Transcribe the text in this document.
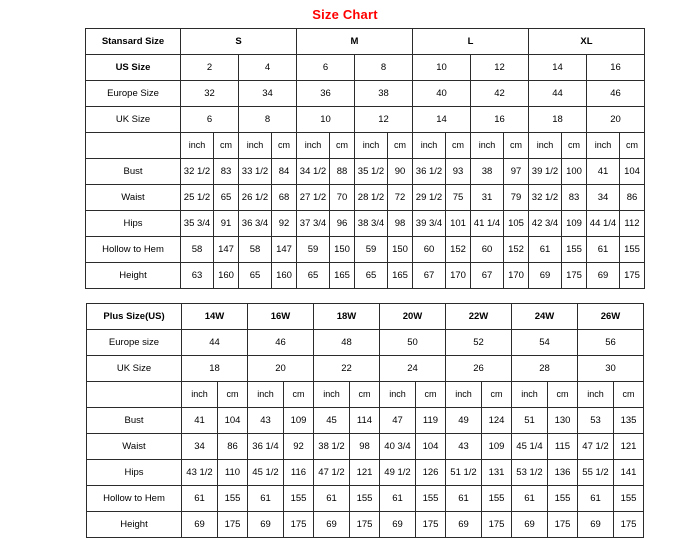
Size Chart
Stansard Size	S				M				L				XL			
US Size	2		4		6		8		10		12		14		16	
Europe Size	32		34		36		38		40		42		44		46	
UK Size	6		8		10		12		14		16		18		20	
	inch	cm	inch	cm	inch	cm	inch	cm	inch	cm	inch	cm	inch	cm	inch	cm
Bust	32 1/2	83	33 1/2	84	34 1/2	88	35 1/2	90	36 1/2	93	38	97	39 1/2	100	41	104
Waist	25 1/2	65	26 1/2	68	27 1/2	70	28 1/2	72	29 1/2	75	31	79	32 1/2	83	34	86
Hips	35 3/4	91	36 3/4	92	37 3/4	96	38 3/4	98	39 3/4	101	41 1/4	105	42 3/4	109	44 1/4	112
Hollow to Hem	58	147	58	147	59	150	59	150	60	152	60	152	61	155	61	155
Height	63	160	65	160	65	165	65	165	67	170	67	170	69	175	69	175
Plus Size(US)	14W		16W		18W		20W		22W		24W		26W	
Europe size	44		46		48		50		52		54		56	
UK Size	18		20		22		24		26		28		30	
	inch	cm	inch	cm	inch	cm	inch	cm	inch	cm	inch	cm	inch	cm
Bust	41	104	43	109	45	114	47	119	49	124	51	130	53	135
Waist	34	86	36 1/4	92	38 1/2	98	40 3/4	104	43	109	45 1/4	115	47 1/2	121
Hips	43 1/2	110	45 1/2	116	47 1/2	121	49 1/2	126	51 1/2	131	53 1/2	136	55 1/2	141
Hollow to Hem	61	155	61	155	61	155	61	155	61	155	61	155	61	155
Height	69	175	69	175	69	175	69	175	69	175	69	175	69	175
